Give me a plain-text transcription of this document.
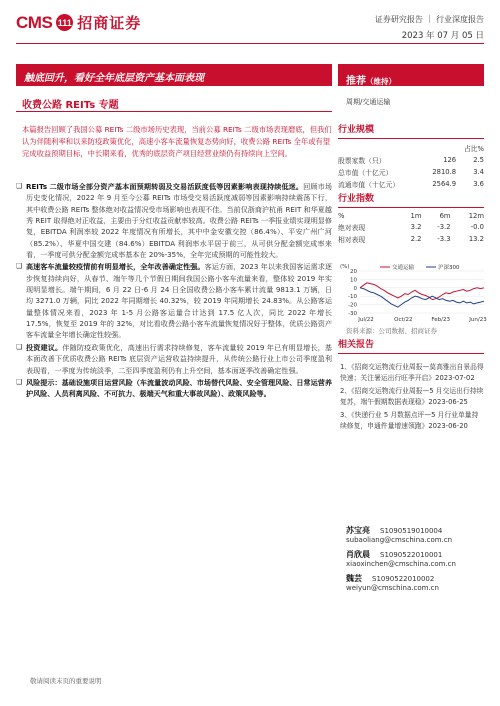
CMS 111 招商证券	证券研究报告 ｜ 行业深度报告
2023 年 07 月 05 日
触底回升，看好全年底层资产基本面表现	推荐（维持）
收费公路 REITs 专题	周期/交通运输
本篇报告回顾了我国公募 REITs 二级市场历史表现，当前公募 REITs 二级市场表现磨底，但我们认为伴随利率和以来防疫政策优化，高速小客车流量恢复态势向好，收费公路 REITs 全年或有望完成收益预期目标，中长期来看，优秀的底层资产项目经营业绩仍有持续向上空间。
❑ REITs 二级市场全部分资产基本面预期转弱及交易活跃度低等因素影响表现持续低迷。回顾市场历史变化情况，2022 年 9 月至今公募 REITs 市场受交易活跃度减弱等因素影响持续震荡下行，其中收费公路 REITs 整体绝对收益情况受市场影响也表现不佳。当前仅浙商沪杭甬 REIT 和华夏越秀 REIT 取得绝对正收益，主要由于分红收益贡献率较高。收费公路 REITs 一季报业绩实现明显修复，EBITDA 利润率较 2022 年度情况有所增长，其中中金安徽交控（86.4%）、平安广州广河（85.2%）、华夏中国交建（84.6%）EBITDA 利润率水平居于前三，从可供分配金额完成率来看，一季度可供分配金额完成率基本在 20%-35%，全年完成预期的可能性较大。
❑ 高速客车流量较疫情前有明显增长，全年改善确定性强。客运方面，2023 年以来我国客运需求逐步恢复持续向好，从春节、端午等几个节假日期间我国公路小客车流量来看，整体较 2019 年实现明显增长。端午期间，6 月 22 日-6 月 24 日全国收费公路小客车累计流量 9813.1 万辆，日均 3271.0 万辆，同比 2022 年同期增长 40.32%，较 2019 年同期增长 24.83%。从公路客运量整体情况来看，2023 年 1-5 月公路客运量合计达到 17.5 亿人次，同比 2022 年增长 17.5%，恢复至 2019 年的 32%，对比看收费公路小客车流量恢复情况好于整体，优质公路资产客车流量全年增长确定性较强。
❑ 投资建议。伴随防疫政策优化，高速出行需求持续修复，客车流量较 2019 年已有明显增长，基本面改善下优质收费公路 REITs 底层资产运营收益持续提升，从传统公路行业上市公司季度盈利表现看，一季度为传统淡季，二至四季度盈利仍有上升空间，基本面逐季改善确定性强。
❑ 风险提示：基础设施项目运营风险（车流量波动风险、市场替代风险、安全管理风险、日常运营养护风险、人员利离风险、不可抗力、极端天气和重大事故风险）、政策风险等。
行业规模
		占比%
股票家数（只）	126	2.5
总市值（十亿元）	2810.8	3.4
流通市值（十亿元）	2564.9	3.6
行业指数
%	1m	6m	12m
绝对表现	3.2	-3.2	-0.0
相对表现	2.2	-3.3	13.2
(%)
20
10
0
-10
-20
-30
Jul/22	Oct/22	Feb/23	Jun/23
交通运输	沪深300
资料来源：公司数据、招商证券
相关报告
1、《招商交运物流行业周报—莫高雅出自景品得快速；关注暑运出行旺季开启》2023-07-02
2、《招商交运物流行业周报—5 月交运出行持续复苏，端午假期数据表现稳》2023-06-25
3、《快递行业 5 月数据点评—5 月行业单量持续修复，申通件量增速领跑》2023-06-20
苏宝亮 S1090519010004
subaoliang@cmschina.com.cn
肖欣晨 S1090522010001
xiaoxinchen@cmschina.com.cn
魏芸 S1090522010002
weiyun@cmschina.com.cn
敬请阅读末页的重要说明
